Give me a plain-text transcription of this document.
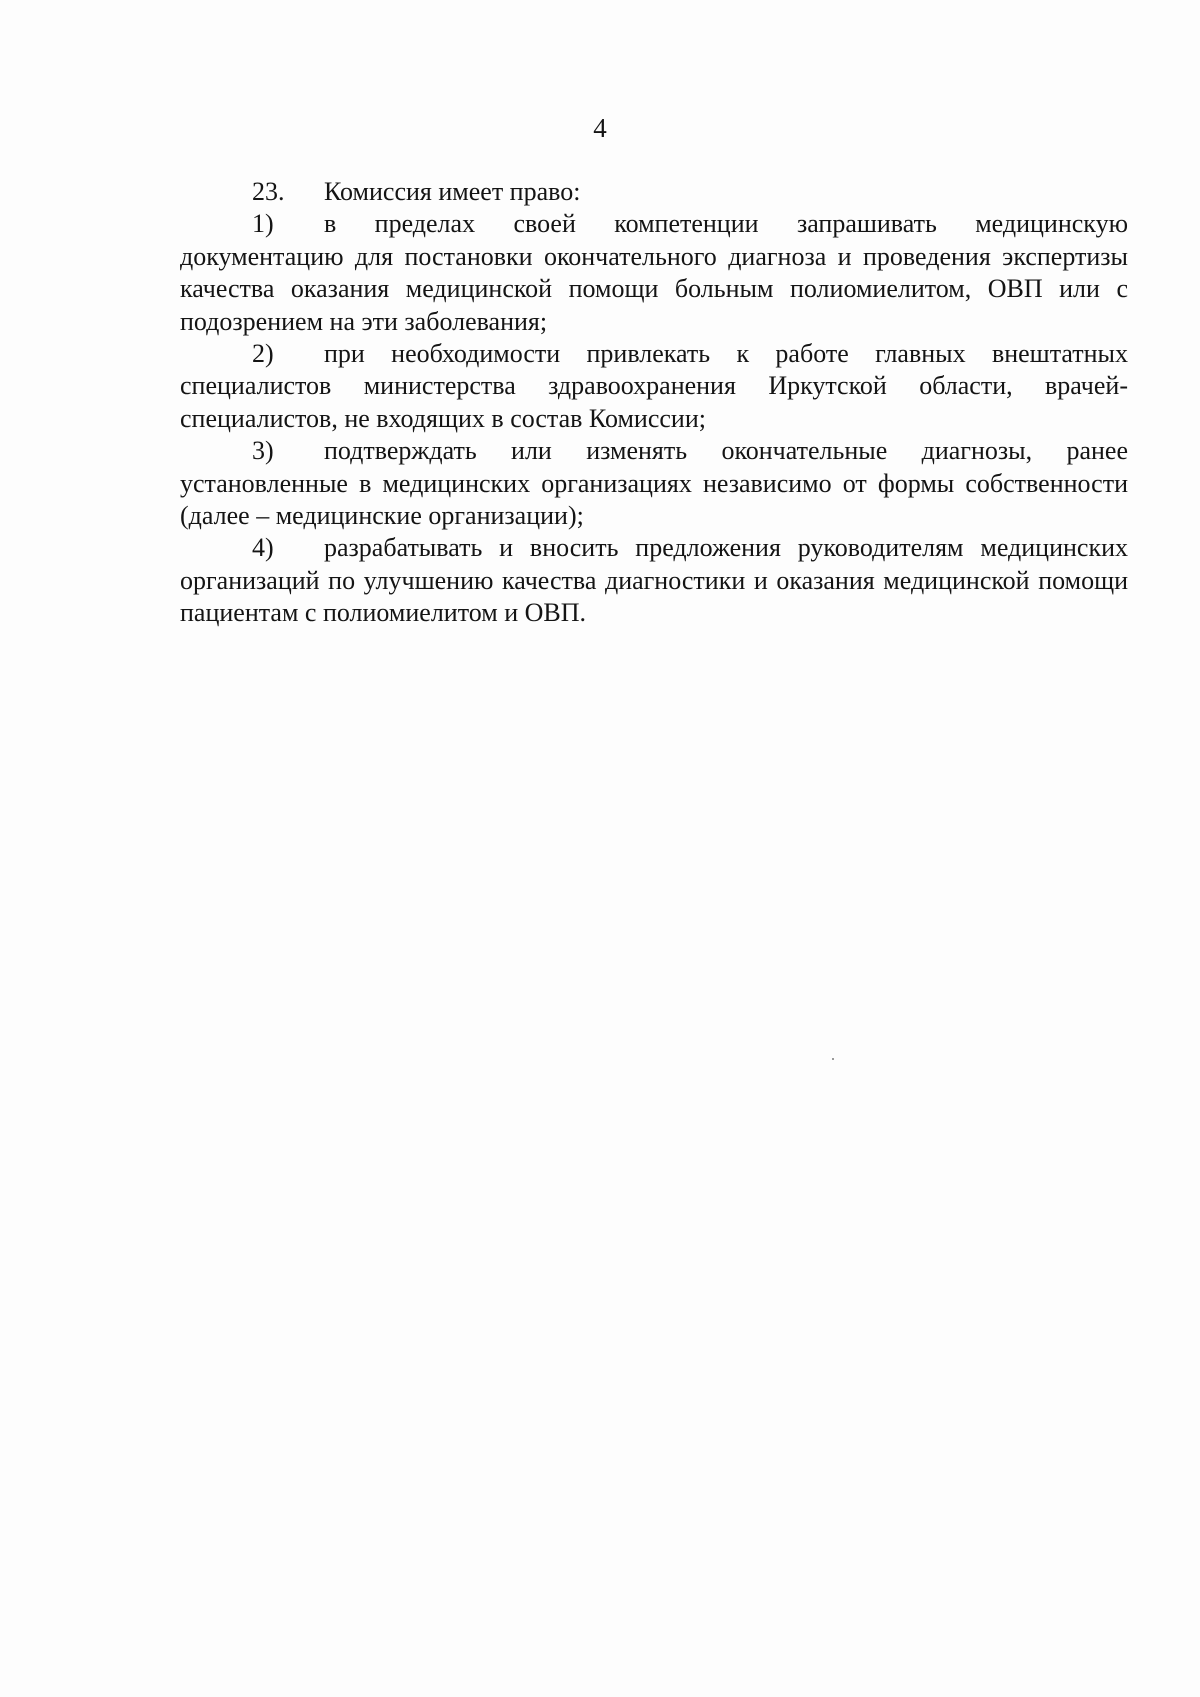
4

23. Комиссия имеет право:

1) в пределах своей компетенции запрашивать медицинскую документацию для постановки окончательного диагноза и проведения экспертизы качества оказания медицинской помощи больным полиомиелитом, ОВП или с подозрением на эти заболевания;

2) при необходимости привлекать к работе главных внештатных специалистов министерства здравоохранения Иркутской области, врачей-специалистов, не входящих в состав Комиссии;

3) подтверждать или изменять окончательные диагнозы, ранее установленные в медицинских организациях независимо от формы собственности (далее – медицинские организации);

4) разрабатывать и вносить предложения руководителям медицинских организаций по улучшению качества диагностики и оказания медицинской помощи пациентам с полиомиелитом и ОВП.
